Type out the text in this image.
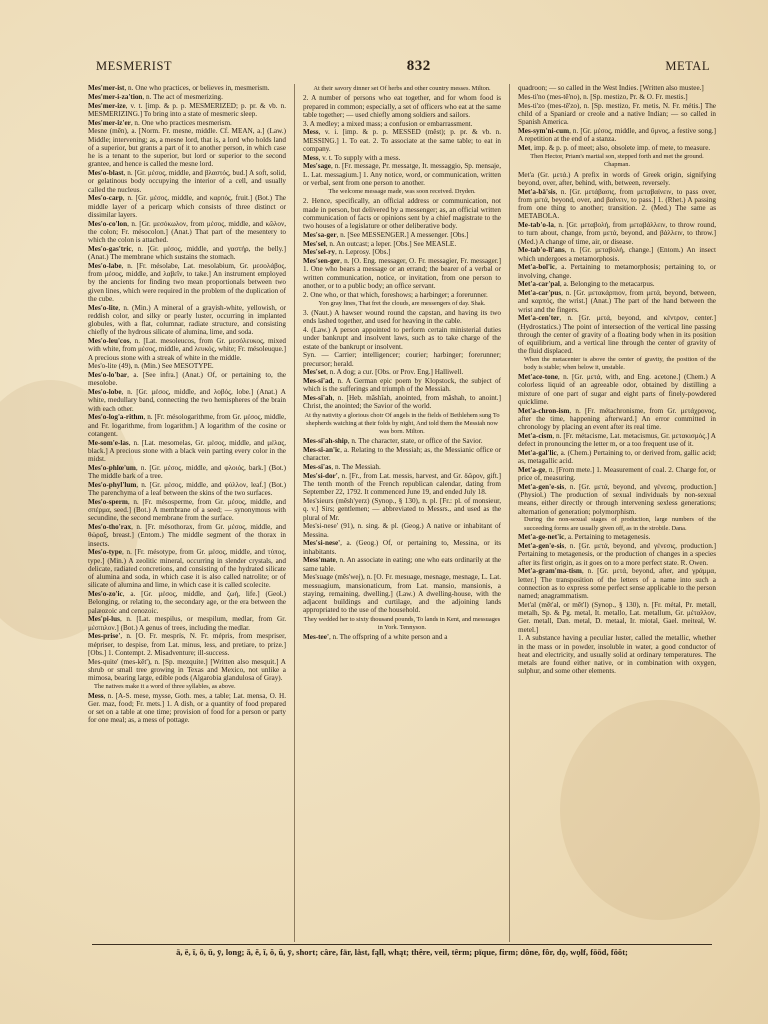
MESMERIST	832	METAL

Mes'mer-ist, n. One who practices, or believes in, mesmerism.

Mes'mer-i-za'tion, n. The act of mesmerizing.

Mes'mer-ize, v. t. [imp. & p. p. MESMERIZED; p. pr. & vb. n. MESMERIZING.] To bring into a state of mesmeric sleep.

Mes'mer-iz'er, n. One who practices mesmerism.

Mesne (mēn), a. [Norm. Fr. mesne, middle. Cf. MEAN, a.] (Law.) Middle; intervening; as, a mesne lord, that is, a lord who holds land of a superior, but grants a part of it to another person, in which case he is a tenant to the superior, but lord or superior to the second grantee, and hence is called the mesne lord.

Mes'o-blast, n. [Gr. μέσος, middle, and βλαστός, bud.] A soft, solid, or gelatinous body occupying the interior of a cell, and usually called the nucleus.

Mes'o-carp, n. [Gr. μέσος, middle, and καρπός, fruit.] (Bot.) The middle layer of a pericarp which consists of three distinct or dissimilar layers.

Mes'o-co'lon, n. [Gr. μεσόκωλον, from μέσος, middle, and κῶλον, the colon; Fr. mésocolon.] (Anat.) That part of the mesentery to which the colon is attached.

Mes'o-gas'tric, n. [Gr. μέσος, middle, and γαστήρ, the belly.] (Anat.) The membrane which sustains the stomach.

Mes'o-labe, n. [Fr. mésolabe, Lat. mesolabium, Gr. μεσολάβος, from μέσος, middle, and λαβεῖν, to take.] An instrument employed by the ancients for finding two mean proportionals between two given lines, which were required in the problem of the duplication of the cube.

Mes'o-lite, n. (Min.) A mineral of a grayish-white, yellowish, or reddish color, and silky or pearly luster, occurring in implanted globules, with a flat, columnar, radiate structure, and consisting chiefly of the hydrous silicate of alumina, lime, and soda.

Mes'o-leu'cos, n. [Lat. mesoleucos, from Gr. μεσόλευκος, mixed with white, from μέσος, middle, and λευκός, white; Fr. mésoleuque.] A precious stone with a streak of white in the middle.

Mes'o-lite (49), n. (Min.) See MESOTYPE.

Mes'o-lo'bar, a. [See infra.] (Anat.) Of, or pertaining to, the mesolobe.

Mes'o-lobe, n. [Gr. μέσος, middle, and λοβός, lobe.] (Anat.) A white, medullary band, connecting the two hemispheres of the brain with each other.

Mes'o-log'a-rithm, n. [Fr. mésologarithme, from Gr. μέσος, middle, and Fr. logarithme, from logarithm.] A logarithm of the cosine or cotangent.

Me-som'e-las, n. [Lat. mesomelas, Gr. μέσος, middle, and μέλας, black.] A precious stone with a black vein parting every color in the midst.

Mes'o-phlœ'um, n. [Gr. μέσος, middle, and φλοιός, bark.] (Bot.) The middle bark of a tree.

Mes'o-phyl'lum, n. [Gr. μέσος, middle, and φύλλον, leaf.] (Bot.) The parenchyma of a leaf between the skins of the two surfaces.

Mes'o-sperm, n. [Fr. mésosperme, from Gr. μέσος, middle, and σπέρμα, seed.] (Bot.) A membrane of a seed; — synonymous with secundine, the second membrane from the surface.

Mes'o-tho'rax, n. [Fr. mésothorax, from Gr. μέσος, middle, and θώραξ, breast.] (Entom.) The middle segment of the thorax in insects.

Mes'o-type, n. [Fr. mésotype, from Gr. μέσος, middle, and τύπος, type.] (Min.) A zeolitic mineral, occurring in slender crystals, and delicate, radiated concretions, and consisting of the hydrated silicate of alumina and soda, in which case it is also called natrolite; or of silicate of alumina and lime, in which case it is called scolecite.

Mes'o-zo'ic, a. [Gr. μέσος, middle, and ζωή, life.] (Geol.) Belonging, or relating to, the secondary age, or the era between the palæozoic and cenozoic.

Mes'pi-lus, n. [Lat. mespilus, or mespilum, medlar, from Gr. μέσπιλον.] (Bot.) A genus of trees, including the medlar.

Mes-prise', n. [O. Fr. mesprís, N. Fr. mépris, from mespriser, mépriser, to despise, from Lat. minus, less, and pretiare, to prize.] [Obs.] 1. Contempt. 2. Misadventure; ill-success.

Mes-quite' (mes-kēt'), n. [Sp. mezquite.] [Written also mesquit.] A shrub or small tree growing in Texas and Mexico, not unlike a mimosa, bearing large, edible pods (Algarobia glandulosa of Gray).

The natives make it a word of three syllables, as above.

Mess, n. [A-S. mese, mysse, Goth. mes, a table; Lat. mensa, O. H. Ger. maz, food; Fr. mets.] 1. A dish, or a quantity of food prepared or set on a table at one time; provision of food for a person or party for one meal; as, a mess of pottage.

At their savory dinner set Of herbs and other country messes. Milton.

2. A number of persons who eat together, and for whom food is prepared in common; especially, a set of officers who eat at the same table together; — used chiefly among soldiers and sailors.

3. A medley; a mixed mass; a confusion or embarrassment.

Mess, v. i. [imp. & p. p. MESSED (mĕst); p. pr. & vb. n. MESSING.] 1. To eat. 2. To associate at the same table; to eat in company.

Mess, v. t. To supply with a mess.

Mes'sage, n. [Fr. message, Pr. messatge, It. messaggio, Sp. mensaje, L. Lat. messagium.] 1. Any notice, word, or communication, written or verbal, sent from one person to another.

The welcome message made, was soon received. Dryden.

2. Hence, specifically, an official address or communication, not made in person, but delivered by a messenger; as, an official written communication of facts or opinions sent by a chief magistrate to the two houses of a legislature or other deliberative body.

Mes'sa-ger, n. [See MESSENGER.] A messenger. [Obs.]

Mes'sel, n. An outcast; a leper. [Obs.] See MEASLE.

Mes'sel-ry, n. Leprosy. [Obs.]

Mes'sen-ger, n. [O. Eng. messager, O. Fr. messagier, Fr. messager.] 1. One who bears a message or an errand; the bearer of a verbal or written communication, notice, or invitation, from one person to another, or to a public body; an office servant.

2. One who, or that which, foreshows; a harbinger; a forerunner.

Yon gray lines, That fret the clouds, are messengers of day. Shak.

3. (Naut.) A hawser wound round the capstan, and having its two ends lashed together, and used for heaving in the cable.

4. (Law.) A person appointed to perform certain ministerial duties under bankrupt and insolvent laws, such as to take charge of the estate of the bankrupt or insolvent.

Syn. — Carrier; intelligencer; courier; harbinger; forerunner; precursor; herald.

Mes'set, n. A dog; a cur. [Obs. or Prov. Eng.] Halliwell.

Mes-si'ad, n. A German epic poem by Klopstock, the subject of which is the sufferings and triumph of the Messiah.

Mes-si'ah, n. [Heb. mâshîah, anointed, from mâshah, to anoint.] Christ, the anointed; the Savior of the world.

At thy nativity a glorious choir Of angels in the fields of Bethlehem sung To shepherds watching at their folds by night, And told them the Messiah now was born. Milton.

Mes-si'ah-ship, n. The character, state, or office of the Savior.

Mes-si-an'ic, a. Relating to the Messiah; as, the Messianic office or character.

Mes-si'as, n. The Messiah.

Mes'si-dor', n. [Fr., from Lat. messis, harvest, and Gr. δῶρον, gift.] The tenth month of the French republican calendar, dating from September 22, 1792. It commenced June 19, and ended July 18.

Mes'sieurs (mĕsh'yerz) (Synop., § 130), n. pl. [Fr.: pl. of monsieur, q. v.] Sirs; gentlemen; — abbreviated to Messrs., and used as the plural of Mr.

Mes'si-nese' (91), n. sing. & pl. (Geog.) A native or inhabitant of Messina.

Mes'si-nese', a. (Geog.) Of, or pertaining to, Messina, or its inhabitants.

Mess'mate, n. An associate in eating; one who eats ordinarily at the same table.

Mes'suage (mĕs'wej), n. [O. Fr. mesuage, mesnage, mesnage, L. Lat. messuagium, mansionaticum, from Lat. mansio, mansionis, a staying, remaining, dwelling.] (Law.) A dwelling-house, with the adjacent buildings and curtilage, and the adjoining lands appropriated to the use of the household.

They wedded her to sixty thousand pounds, To lands in Kent, and messuages in York. Tennyson.

Mes-tee', n. The offspring of a white person and a

quadroon; — so called in the West Indies. [Written also mustee.]

Mes-ti'no (mes-tē'no), n. [Sp. mestizo, Pr. & O. Fr. mestis.]

Mes-ti'zo (mes-tē'zo), n. [Sp. mestizo, Fr. metis, N. Fr. métis.] The child of a Spaniard or creole and a native Indian; — so called in Spanish America.

Mes-sym'ni-cum, n. [Gr. μέσος, middle, and ὕμνος, a festive song.] A repetition at the end of a stanza.

Met, imp. & p. p. of meet; also, obsolete imp. of mete, to measure.

Then Hector, Priam's martial son, stepped forth and met the ground. Chapman.

Met'a (Gr. μετά.) A prefix in words of Greek origin, signifying beyond, over, after, behind, with, between, reversely.

Met'a-bā'sis, n. [Gr. μετάβασις, from μεταβαίνειν, to pass over, from μετά, beyond, over, and βαίνειν, to pass.] 1. (Rhet.) A passing from one thing to another; transition. 2. (Med.) The same as METABOLA.

Me-tab'o-la, n. [Gr. μεταβολή, from μεταβάλλειν, to throw round, to turn about, change, from μετά, beyond, and βάλλειν, to throw.] (Med.) A change of time, air, or disease.

Me-tab'o-lī'ans, n. [Gr. μεταβολή, change.] (Entom.) An insect which undergoes a metamorphosis.

Met'a-bol'ic, a. Pertaining to metamorphosis; pertaining to, or involving, change.

Met'a-car'pal, a. Belonging to the metacarpus.

Met'a-car'pus, n. [Gr. μετακάρπιον, from μετά, beyond, between, and καρπός, the wrist.] (Anat.) The part of the hand between the wrist and the fingers.

Met'a-cen'ter, n. [Gr. μετά, beyond, and κέντρον, center.] (Hydrostatics.) The point of intersection of the vertical line passing through the center of gravity of a floating body when in its position of equilibrium, and a vertical line through the center of gravity of the fluid displaced.

When the metacenter is above the center of gravity, the position of the body is stable; when below it, unstable.

Met'ace-tone, n. [Gr. μετά, with, and Eng. acetone.] (Chem.) A colorless liquid of an agreeable odor, obtained by distilling a mixture of one part of sugar and eight parts of finely-powdered quicklime.

Met'a-chron-ism, n. [Fr. métachronisme, from Gr. μετάχρονος, after the time, happening afterward.] An error committed in chronology by placing an event after its real time.

Met'a-cism, n. [Fr. métacisme, Lat. metacismus, Gr. μετακισμός.] A defect in pronouncing the letter m, or a too frequent use of it.

Met'a-gal'lic, a. (Chem.) Pertaining to, or derived from, gallic acid; as, metagallic acid.

Met'a-ge, n. [From mete.] 1. Measurement of coal. 2. Charge for, or price of, measuring.

Met'a-gen'e-sis, n. [Gr. μετά, beyond, and γένεσις, production.] (Physiol.) The production of sexual individuals by non-sexual means, either directly or through intervening sexless generations; alternation of generation; polymorphism.

During the non-sexual stages of production, large numbers of the succeeding forms are usually given off, as in the strobile. Dana.

Met'a-ge-net'ic, a. Pertaining to metagenesis.

Met'a-gen'e-sis, n. [Gr. μετά, beyond, and γένεσις, production.] Pertaining to metagenesis, or the production of changes in a species after its first origin, as it goes on to a more perfect state. R. Owen.

Met'a-gram'ma-tism, n. [Gr. μετά, beyond, after, and γράμμα, letter.] The transposition of the letters of a name into such a connection as to express some perfect sense applicable to the person named; anagrammatism.

Met'al (mĕt'al, or mĕt'l) (Synop., § 130), n. [Fr. métal, Pr. metall, metalh, Sp. & Pg. metal, It. metallo, Lat. metallum, Gr. μέταλλον, Ger. metall, Dan. metal, D. metaal, Ir. miotal, Gael. meiteal, W. metel.]

1. A substance having a peculiar luster, called the metallic, whether in the mass or in powder, insoluble in water, a good conductor of heat and electricity, and usually solid at ordinary temperatures. The metals are found either native, or in combination with oxygen, sulphur, and some other elements.

ā, ē, ī, ō, ū, ȳ, long; ă, ĕ, ĭ, ŏ, ŭ, ȳ, short; câre, fär, låst, fąll, whąt; thêre, veil, têrm; pïque, firm; dône, fôr, dọ, wọlf, fōōd, fŏŏt;
